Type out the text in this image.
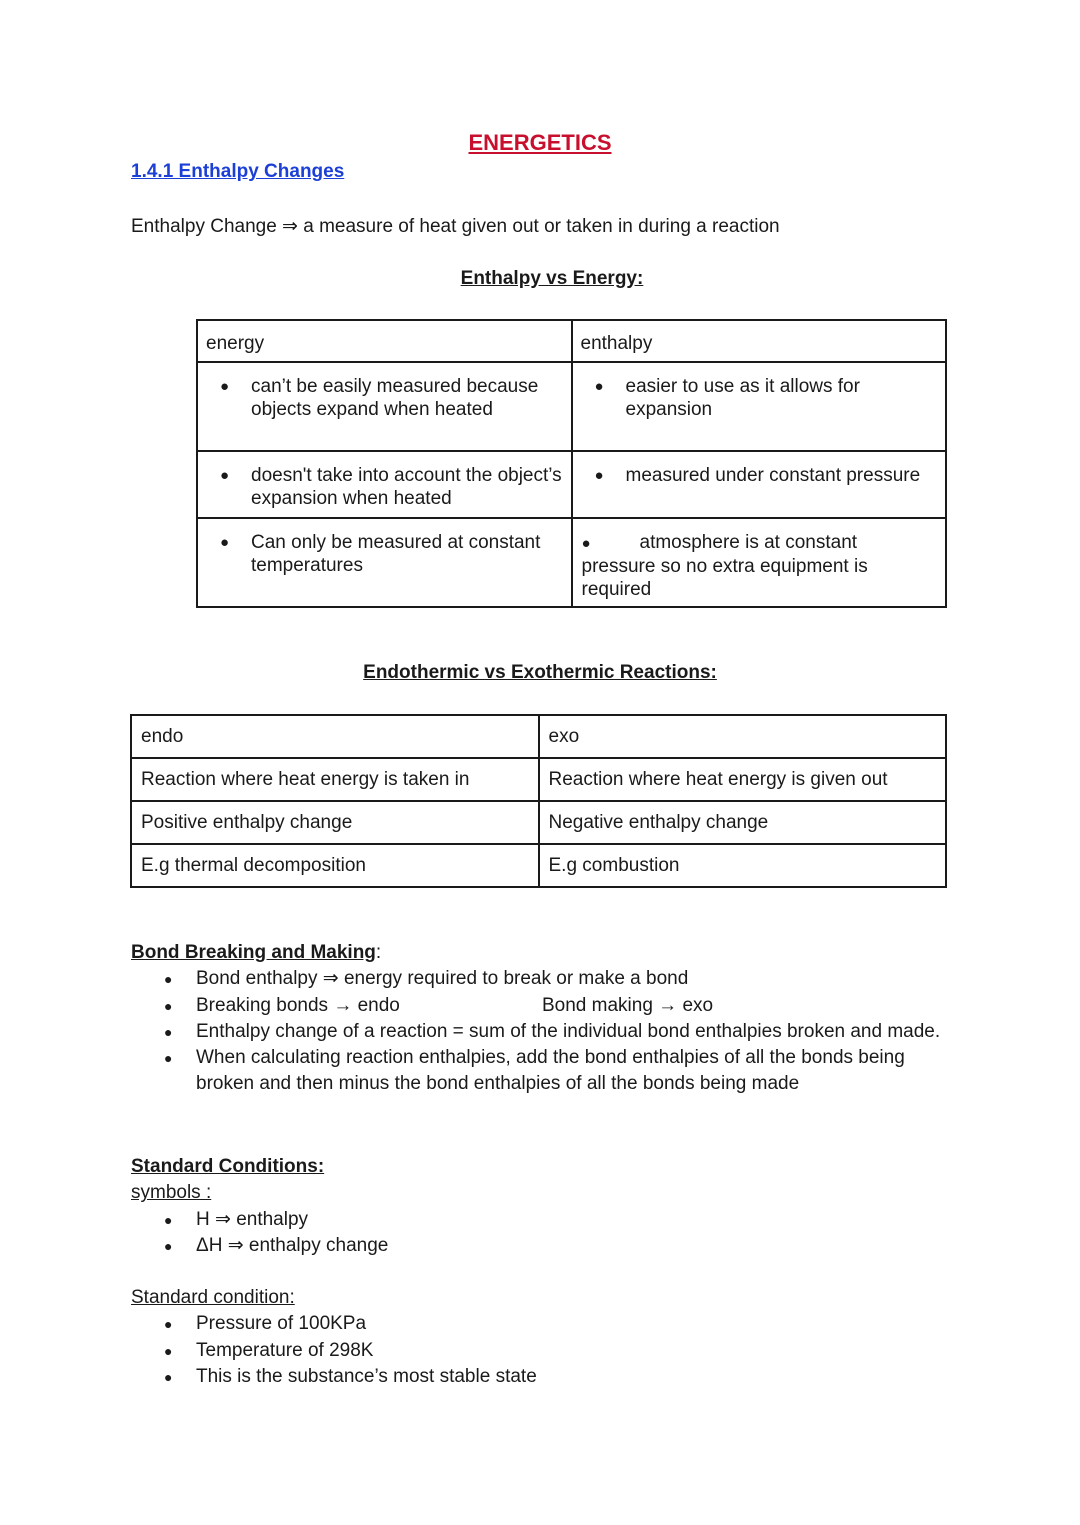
ENERGETICS
1.4.1 Enthalpy Changes
Enthalpy Change ⇒ a measure of heat given out or taken in during a reaction
Enthalpy vs Energy:
energy	enthalpy

● can’t be easily measured because objects expand when heated	● easier to use as it allows for expansion

● doesn't take into account the object’s expansion when heated	● measured under constant pressure

● Can only be measured at constant temperatures	● atmosphere is at constant pressure so no extra equipment is required
Endothermic vs Exothermic Reactions:
endo	exo
Reaction where heat energy is taken in	Reaction where heat energy is given out
Positive enthalpy change	Negative enthalpy change
E.g thermal decomposition	E.g combustion
Bond Breaking and Making:
● Bond enthalpy ⇒ energy required to break or make a bond
● Breaking bonds → endo	Bond making → exo
● Enthalpy change of a reaction = sum of the individual bond enthalpies broken and made.
● When calculating reaction enthalpies, add the bond enthalpies of all the bonds being broken and then minus the bond enthalpies of all the bonds being made
Standard Conditions:
symbols :
● H ⇒ enthalpy
● ΔH ⇒ enthalpy change
Standard condition:
● Pressure of 100KPa
● Temperature of 298K
● This is the substance’s most stable state
